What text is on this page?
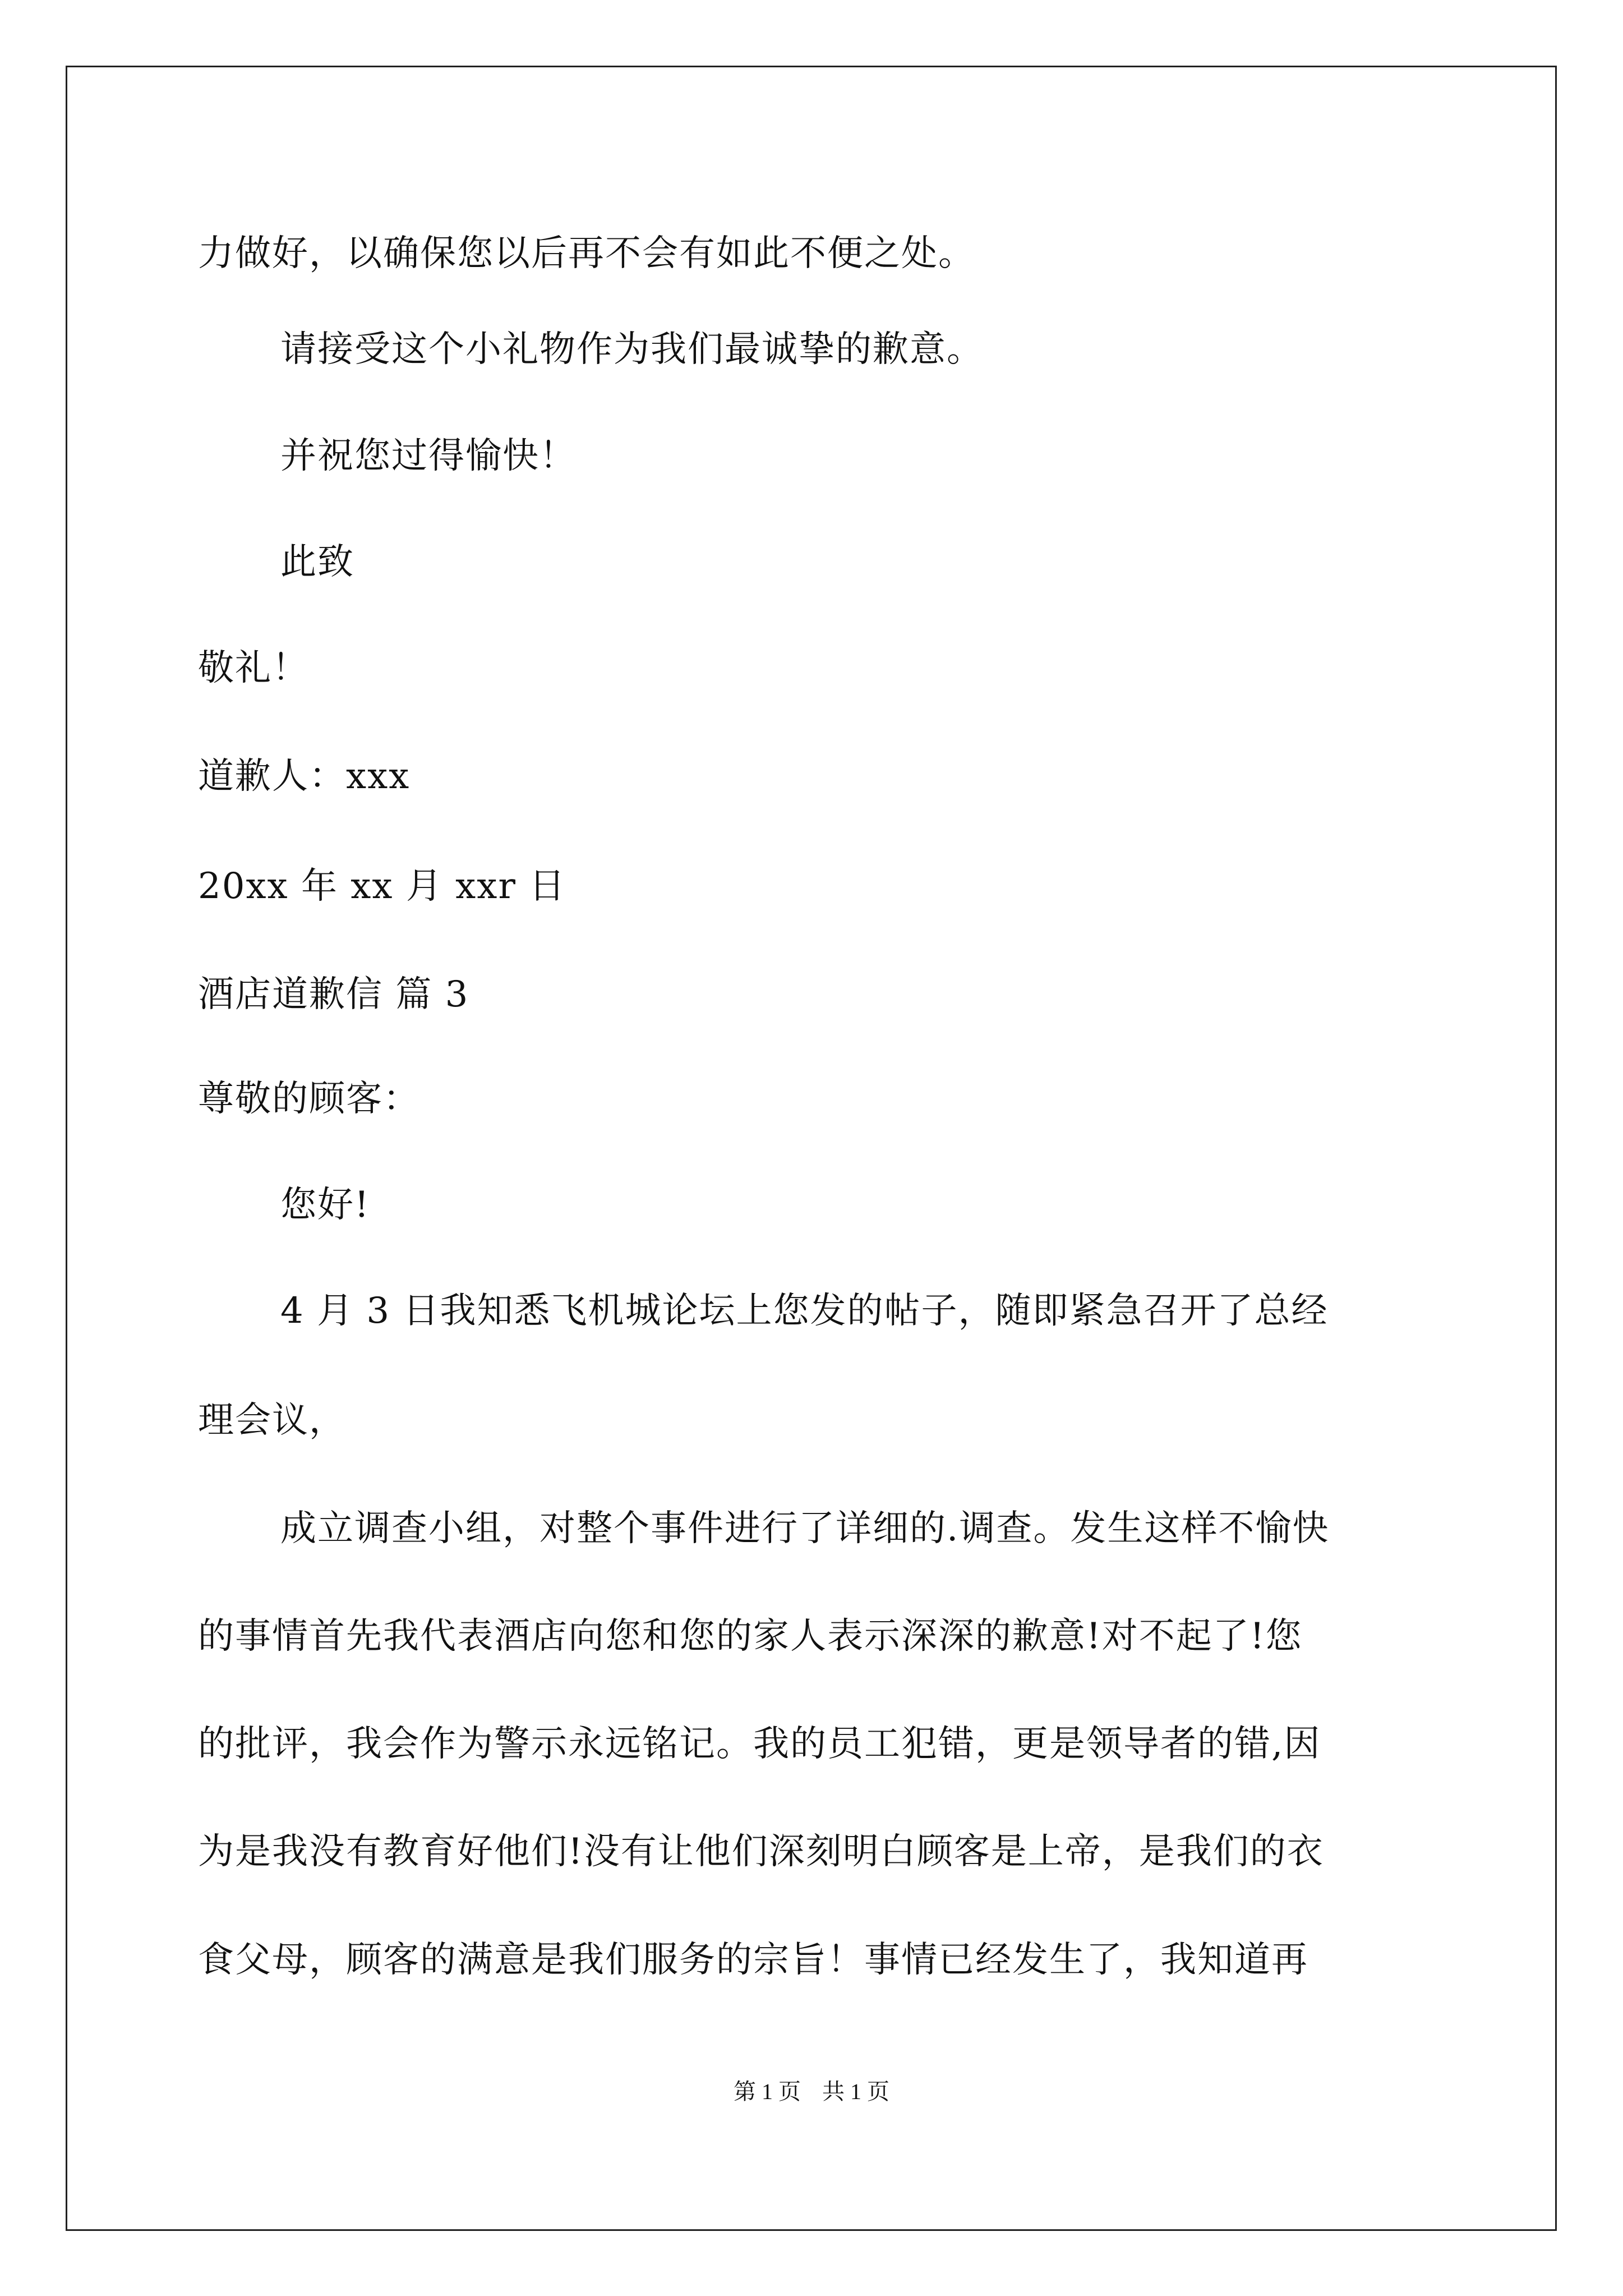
力做好，以确保您以后再不会有如此不便之处。
请接受这个小礼物作为我们最诚挚的歉意。
并祝您过得愉快！
此致
敬礼！
道歉人：xxx
20xx 年 xx 月 xxr 日
酒店道歉信 篇 3
尊敬的顾客：
您好!
4 月 3 日我知悉飞机城论坛上您发的帖子，随即紧急召开了总经
理会议，
成立调查小组，对整个事件进行了详细的.调查。发生这样不愉快
的事情首先我代表酒店向您和您的家人表示深深的歉意!对不起了!您
的批评，我会作为警示永远铭记。我的员工犯错，更是领导者的错,因
为是我没有教育好他们!没有让他们深刻明白顾客是上帝，是我们的衣
食父母，顾客的满意是我们服务的宗旨！事情已经发生了，我知道再
第 1 页 共 1 页
